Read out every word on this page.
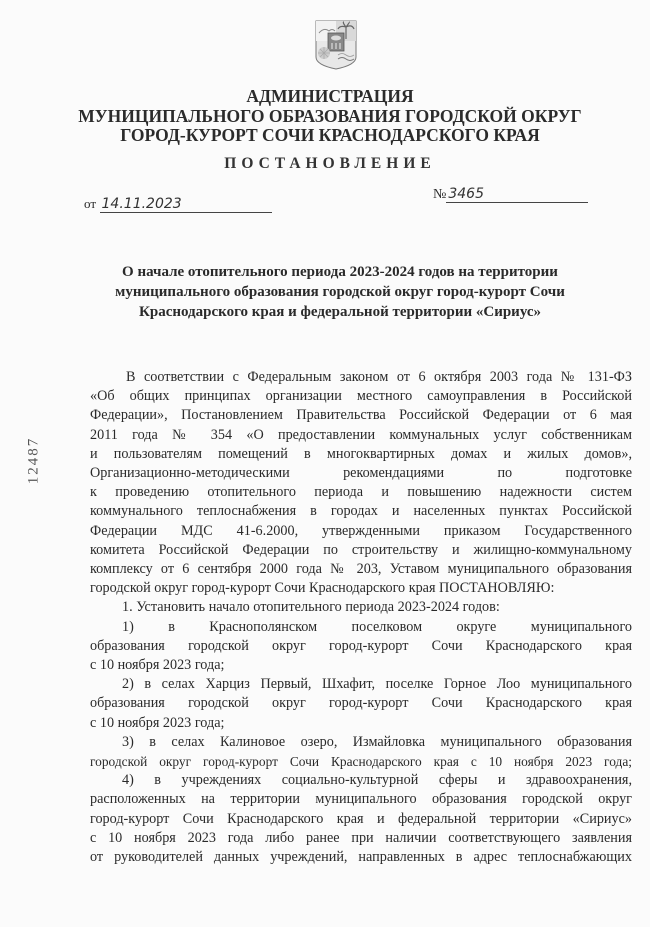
АДМИНИСТРАЦИЯ
МУНИЦИПАЛЬНОГО ОБРАЗОВАНИЯ ГОРОДСКОЙ ОКРУГ
ГОРОД-КУРОРТ СОЧИ КРАСНОДАРСКОГО КРАЯ
ПОСТАНОВЛЕНИЕ
от 14.11.2023
№ 3465
О начале отопительного периода 2023-2024 годов на территории
муниципального образования городской округ город-курорт Сочи
Краснодарского края и федеральной территории «Сириус»
12487

В соответствии с Федеральным законом от 6 октября 2003 года № 131-ФЗ

«Об общих принципах организации местного самоуправления в Российской

Федерации», Постановлением Правительства Российской Федерации от 6 мая

2011 года № 354 «О предоставлении коммунальных услуг собственникам

и пользователям помещений в многоквартирных домах и жилых домов»,

Организационно-методическими рекомендациями по подготовке

к проведению отопительного периода и повышению надежности систем

коммунального теплоснабжения в городах и населенных пунктах Российской

Федерации МДС 41-6.2000, утвержденными приказом Государственного

комитета Российской Федерации по строительству и жилищно-коммунальному

комплексу от 6 сентября 2000 года № 203, Уставом муниципального образования

городской округ город-курорт Сочи Краснодарского края ПОСТАНОВЛЯЮ:

1. Установить начало отопительного периода 2023-2024 годов:

1) в Краснополянском поселковом округе муниципального

образования городской округ город-курорт Сочи Краснодарского края

с 10 ноября 2023 года;

2) в селах Харциз Первый, Шхафит, поселке Горное Лоо муниципального

образования городской округ город-курорт Сочи Краснодарского края

с 10 ноября 2023 года;

3) в селах Калиновое озеро, Измайловка муниципального образования

городской округ город-курорт Сочи Краснодарского края с 10 ноября 2023 года;

4) в учреждениях социально-культурной сферы и здравоохранения,

расположенных на территории муниципального образования городской округ

город-курорт Сочи Краснодарского края и федеральной территории «Сириус»

с 10 ноября 2023 года либо ранее при наличии соответствующего заявления

от руководителей данных учреждений, направленных в адрес теплоснабжающих
